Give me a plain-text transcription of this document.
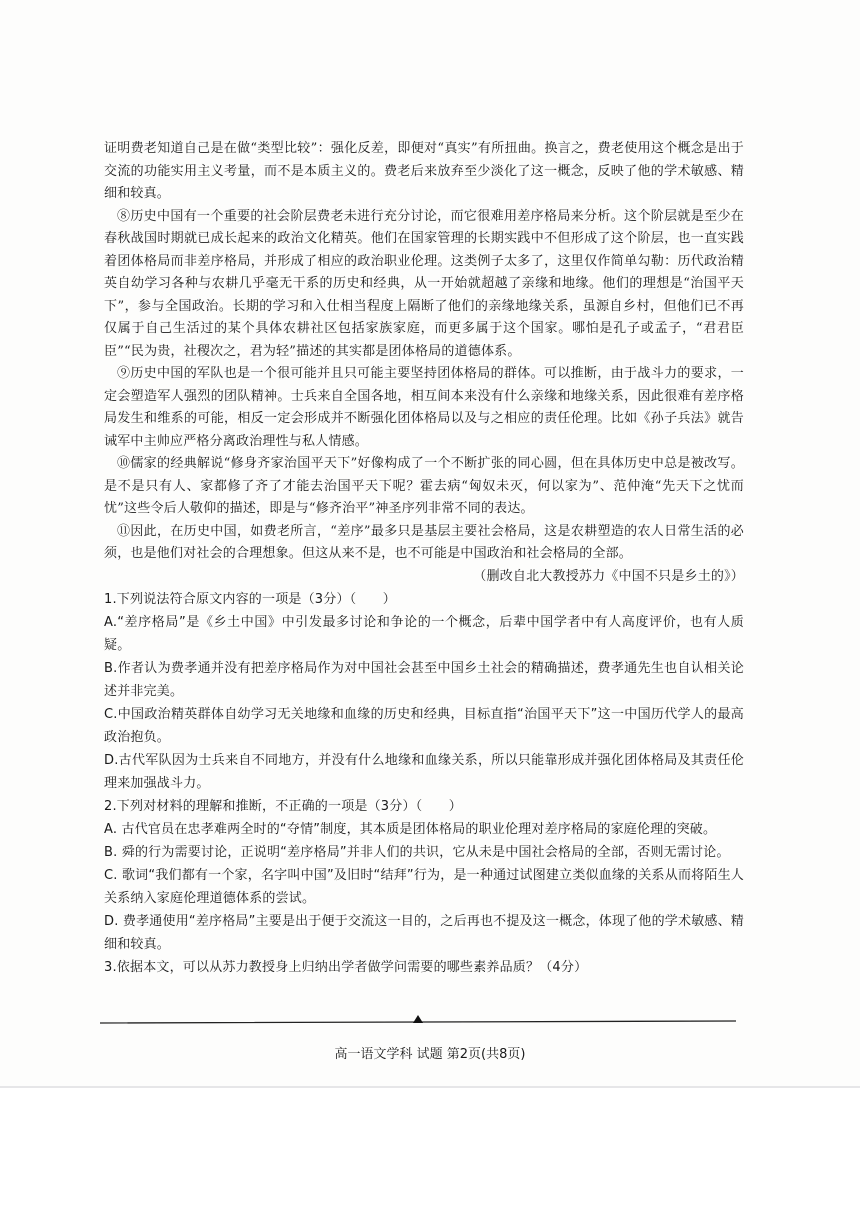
证明费老知道自己是在做“类型比较”：强化反差，即便对“真实”有所扭曲。换言之，费老使用这个概念是出于交流的功能实用主义考量，而不是本质主义的。费老后来放弃至少淡化了这一概念，反映了他的学术敏感、精细和较真。

⑧历史中国有一个重要的社会阶层费老未进行充分讨论，而它很难用差序格局来分析。这个阶层就是至少在春秋战国时期就已成长起来的政治文化精英。他们在国家管理的长期实践中不但形成了这个阶层，也一直实践着团体格局而非差序格局，并形成了相应的政治职业伦理。这类例子太多了，这里仅作简单勾勒：历代政治精英自幼学习各种与农耕几乎毫无干系的历史和经典，从一开始就超越了亲缘和地缘。他们的理想是“治国平天下”，参与全国政治。长期的学习和入仕相当程度上隔断了他们的亲缘地缘关系，虽源自乡村，但他们已不再仅属于自己生活过的某个具体农耕社区包括家族家庭，而更多属于这个国家。哪怕是孔子或孟子，“君君臣臣”“民为贵，社稷次之，君为轻”描述的其实都是团体格局的道德体系。

⑨历史中国的军队也是一个很可能并且只可能主要坚持团体格局的群体。可以推断，由于战斗力的要求，一定会塑造军人强烈的团队精神。士兵来自全国各地，相互间本来没有什么亲缘和地缘关系，因此很难有差序格局发生和维系的可能，相反一定会形成并不断强化团体格局以及与之相应的责任伦理。比如《孙子兵法》就告诫军中主帅应严格分离政治理性与私人情感。

⑩儒家的经典解说“修身齐家治国平天下”好像构成了一个不断扩张的同心圆，但在具体历史中总是被改写。是不是只有人、家都修了齐了才能去治国平天下呢？霍去病“匈奴未灭，何以家为”、范仲淹“先天下之忧而忧”这些令后人敬仰的描述，即是与“修齐治平”神圣序列非常不同的表达。

⑪因此，在历史中国，如费老所言，“差序”最多只是基层主要社会格局，这是农耕塑造的农人日常生活的必须，也是他们对社会的合理想象。但这从来不是，也不可能是中国政治和社会格局的全部。

（删改自北大教授苏力《中国不只是乡土的》）

1.下列说法符合原文内容的一项是（3分）（　　）

A.“差序格局”是《乡土中国》中引发最多讨论和争论的一个概念，后辈中国学者中有人高度评价，也有人质疑。

B.作者认为费孝通并没有把差序格局作为对中国社会甚至中国乡土社会的精确描述，费孝通先生也自认相关论述并非完美。

C.中国政治精英群体自幼学习无关地缘和血缘的历史和经典，目标直指“治国平天下”这一中国历代学人的最高政治抱负。

D.古代军队因为士兵来自不同地方，并没有什么地缘和血缘关系，所以只能靠形成并强化团体格局及其责任伦理来加强战斗力。

2.下列对材料的理解和推断，不正确的一项是（3分）（　　）

A. 古代官员在忠孝难两全时的“夺情”制度，其本质是团体格局的职业伦理对差序格局的家庭伦理的突破。

B. 舜的行为需要讨论，正说明“差序格局”并非人们的共识，它从未是中国社会格局的全部，否则无需讨论。

C. 歌词“我们都有一个家，名字叫中国”及旧时“结拜”行为，是一种通过试图建立类似血缘的关系从而将陌生人关系纳入家庭伦理道德体系的尝试。

D. 费孝通使用“差序格局”主要是出于便于交流这一目的，之后再也不提及这一概念，体现了他的学术敏感、精细和较真。

3.依据本文，可以从苏力教授身上归纳出学者做学问需要的哪些素养品质？（4分）

高一语文学科 试题 第2页(共8页)
